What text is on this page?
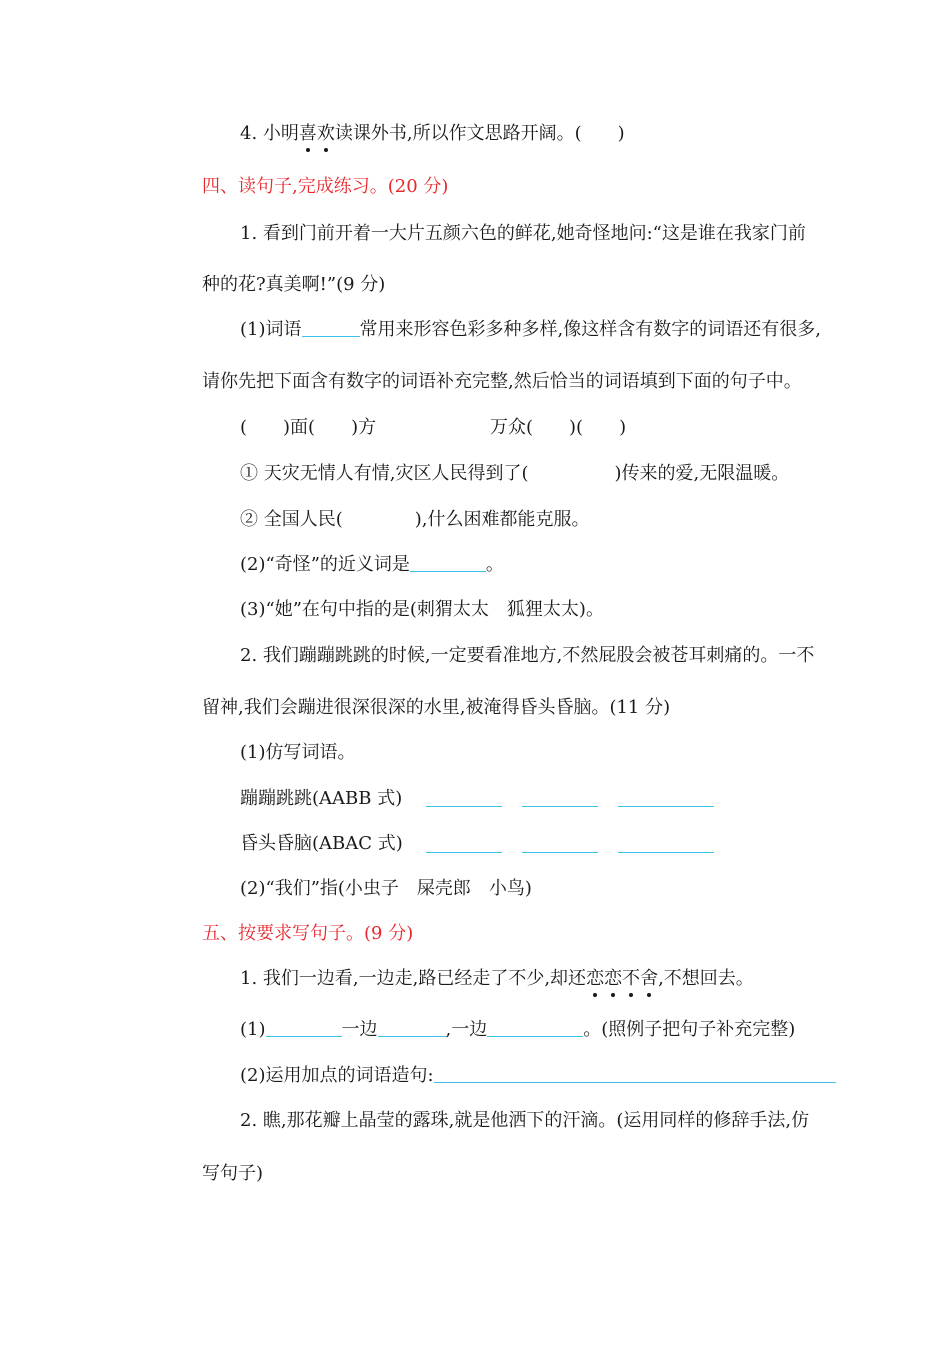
4. 小明喜欢读课外书,所以作文思路开阔。(　　)
四、读句子,完成练习。(20 分)
1. 看到门前开着一大片五颜六色的鲜花,她奇怪地问:“这是谁在我家门前
种的花?真美啊!”(9 分)
(1)词语	常用来形容色彩多种多样,像这样含有数字的词语还有很多,
请你先把下面含有数字的词语补充完整,然后恰当的词语填到下面的句子中。
( )面( )方	万众( )( )
① 天灾无情人有情,灾区人民得到了(	)传来的爱,无限温暖。
② 全国人民(	),什么困难都能克服。
(2)“奇怪”的近义词是	。
(3)“她”在句中指的是(刺猬太太　狐狸太太)。
2. 我们蹦蹦跳跳的时候,一定要看准地方,不然屁股会被苍耳刺痛的。一不
留神,我们会蹦进很深很深的水里,被淹得昏头昏脑。(11 分)
(1)仿写词语。
蹦蹦跳跳(AABB 式)
昏头昏脑(ABAC 式)
(2)“我们”指(小虫子　屎壳郎　小鸟)
五、按要求写句子。(9 分)
1. 我们一边看,一边走,路已经走了不少,却还恋恋不舍,不想回去。
(1)	一边	,一边	。(照例子把句子补充完整)
(2)运用加点的词语造句:
2. 瞧,那花瓣上晶莹的露珠,就是他洒下的汗滴。(运用同样的修辞手法,仿
写句子)
